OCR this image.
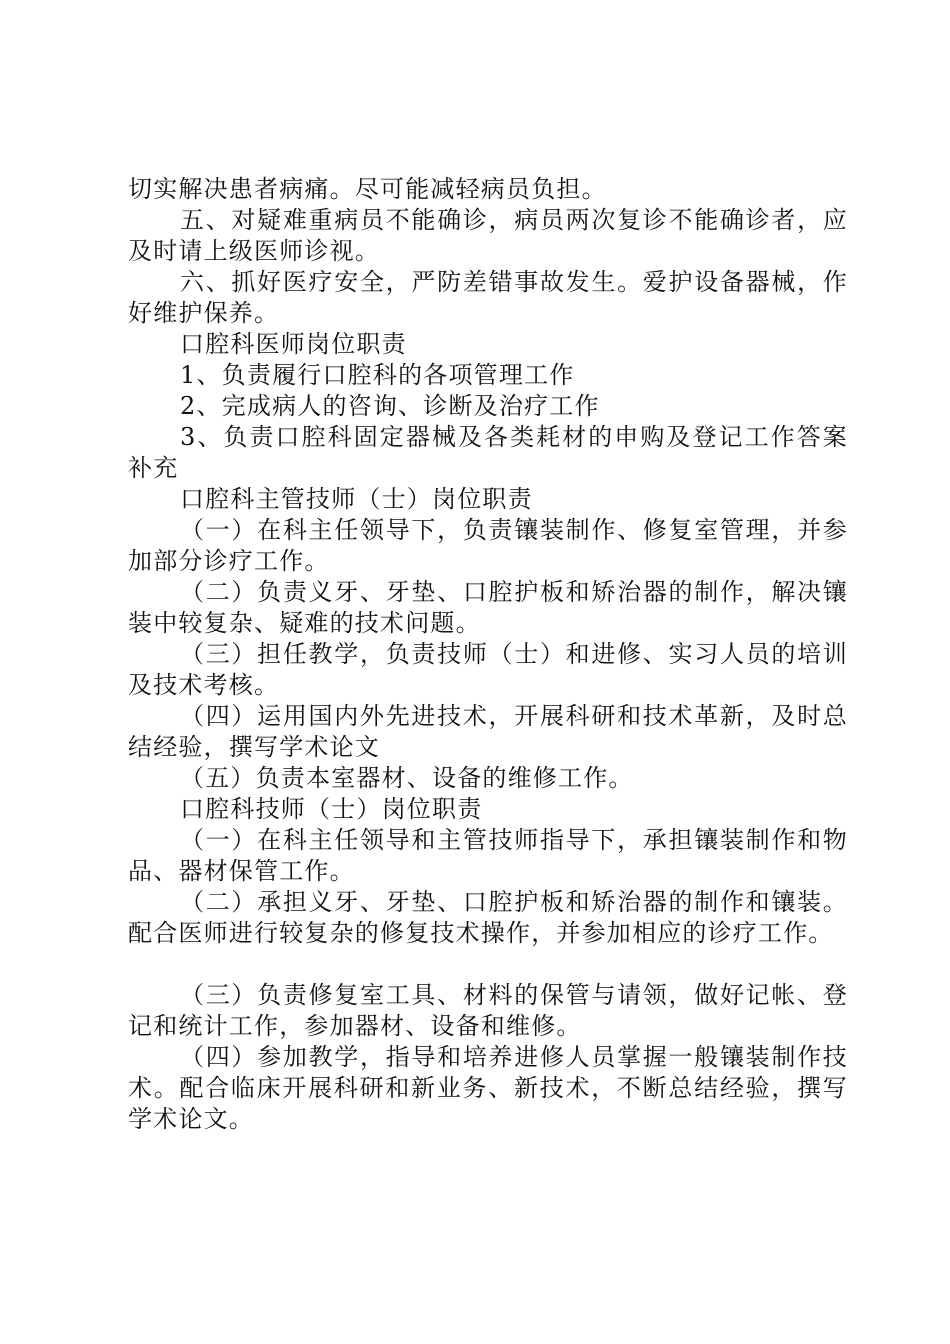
切实解决患者病痛。尽可能减轻病员负担。

五、对疑难重病员不能确诊，病员两次复诊不能确诊者，应及时请上级医师诊视。

六、抓好医疗安全，严防差错事故发生。爱护设备器械，作好维护保养。

口腔科医师岗位职责

1、负责履行口腔科的各项管理工作

2、完成病人的咨询、诊断及治疗工作

3、负责口腔科固定器械及各类耗材的申购及登记工作答案补充

口腔科主管技师（士）岗位职责

（一）在科主任领导下，负责镶装制作、修复室管理，并参加部分诊疗工作。

（二）负责义牙、牙垫、口腔护板和矫治器的制作，解决镶装中较复杂、疑难的技术问题。

（三）担任教学，负责技师（士）和进修、实习人员的培训及技术考核。

（四）运用国内外先进技术，开展科研和技术革新，及时总结经验，撰写学术论文

（五）负责本室器材、设备的维修工作。

口腔科技师（士）岗位职责

（一）在科主任领导和主管技师指导下，承担镶装制作和物品、器材保管工作。

（二）承担义牙、牙垫、口腔护板和矫治器的制作和镶装。配合医师进行较复杂的修复技术操作，并参加相应的诊疗工作。

（三）负责修复室工具、材料的保管与请领，做好记帐、登记和统计工作，参加器材、设备和维修。

（四）参加教学，指导和培养进修人员掌握一般镶装制作技术。配合临床开展科研和新业务、新技术，不断总结经验，撰写学术论文。
